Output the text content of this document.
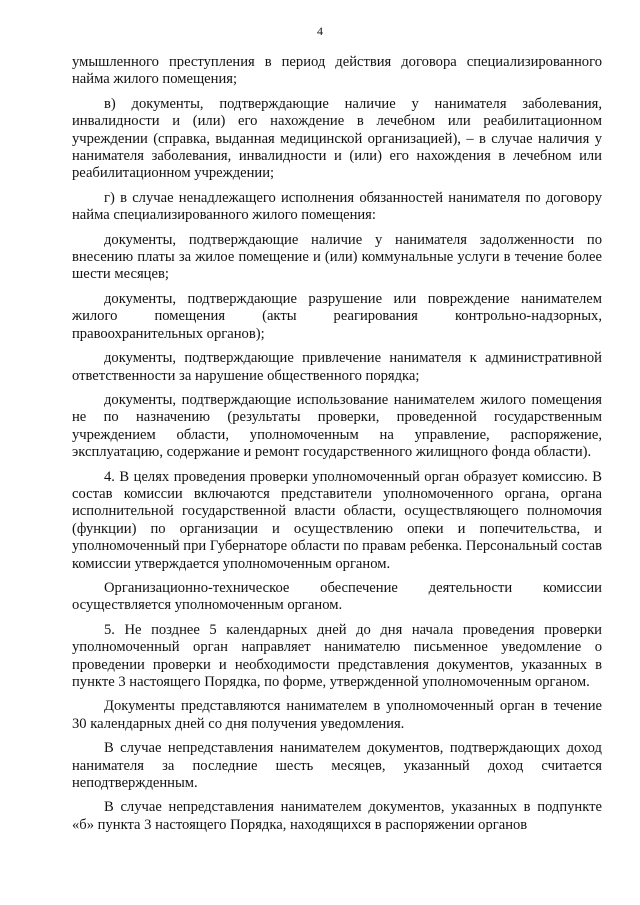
4

умышленного преступления в период действия договора специализированного найма жилого помещения;

в) документы, подтверждающие наличие у нанимателя заболевания, инвалидности и (или) его нахождение в лечебном или реабилитационном учреждении (справка, выданная медицинской организацией), – в случае наличия у нанимателя заболевания, инвалидности и (или) его нахождения в лечебном или реабилитационном учреждении;

г) в случае ненадлежащего исполнения обязанностей нанимателя по договору найма специализированного жилого помещения:

документы, подтверждающие наличие у нанимателя задолженности по внесению платы за жилое помещение и (или) коммунальные услуги в течение более шести месяцев;

документы, подтверждающие разрушение или повреждение нанимателем жилого помещения (акты реагирования контрольно-надзорных, правоохранительных органов);

документы, подтверждающие привлечение нанимателя к административной ответственности за нарушение общественного порядка;

документы, подтверждающие использование нанимателем жилого помещения не по назначению (результаты проверки, проведенной государственным учреждением области, уполномоченным на управление, распоряжение, эксплуатацию, содержание и ремонт государственного жилищного фонда области).

4. В целях проведения проверки уполномоченный орган образует комиссию. В состав комиссии включаются представители уполномоченного органа, органа исполнительной государственной власти области, осуществляющего полномочия (функции) по организации и осуществлению опеки и попечительства, и уполномоченный при Губернаторе области по правам ребенка. Персональный состав комиссии утверждается уполномоченным органом.

Организационно-техническое обеспечение деятельности комиссии осуществляется уполномоченным органом.

5. Не позднее 5 календарных дней до дня начала проведения проверки уполномоченный орган направляет нанимателю письменное уведомление о проведении проверки и необходимости представления документов, указанных в пункте 3 настоящего Порядка, по форме, утвержденной уполномоченным органом.

Документы представляются нанимателем в уполномоченный орган в течение 30 календарных дней со дня получения уведомления.

В случае непредставления нанимателем документов, подтверждающих доход нанимателя за последние шесть месяцев, указанный доход считается неподтвержденным.

В случае непредставления нанимателем документов, указанных в подпункте «б» пункта 3 настоящего Порядка, находящихся в распоряжении органов
